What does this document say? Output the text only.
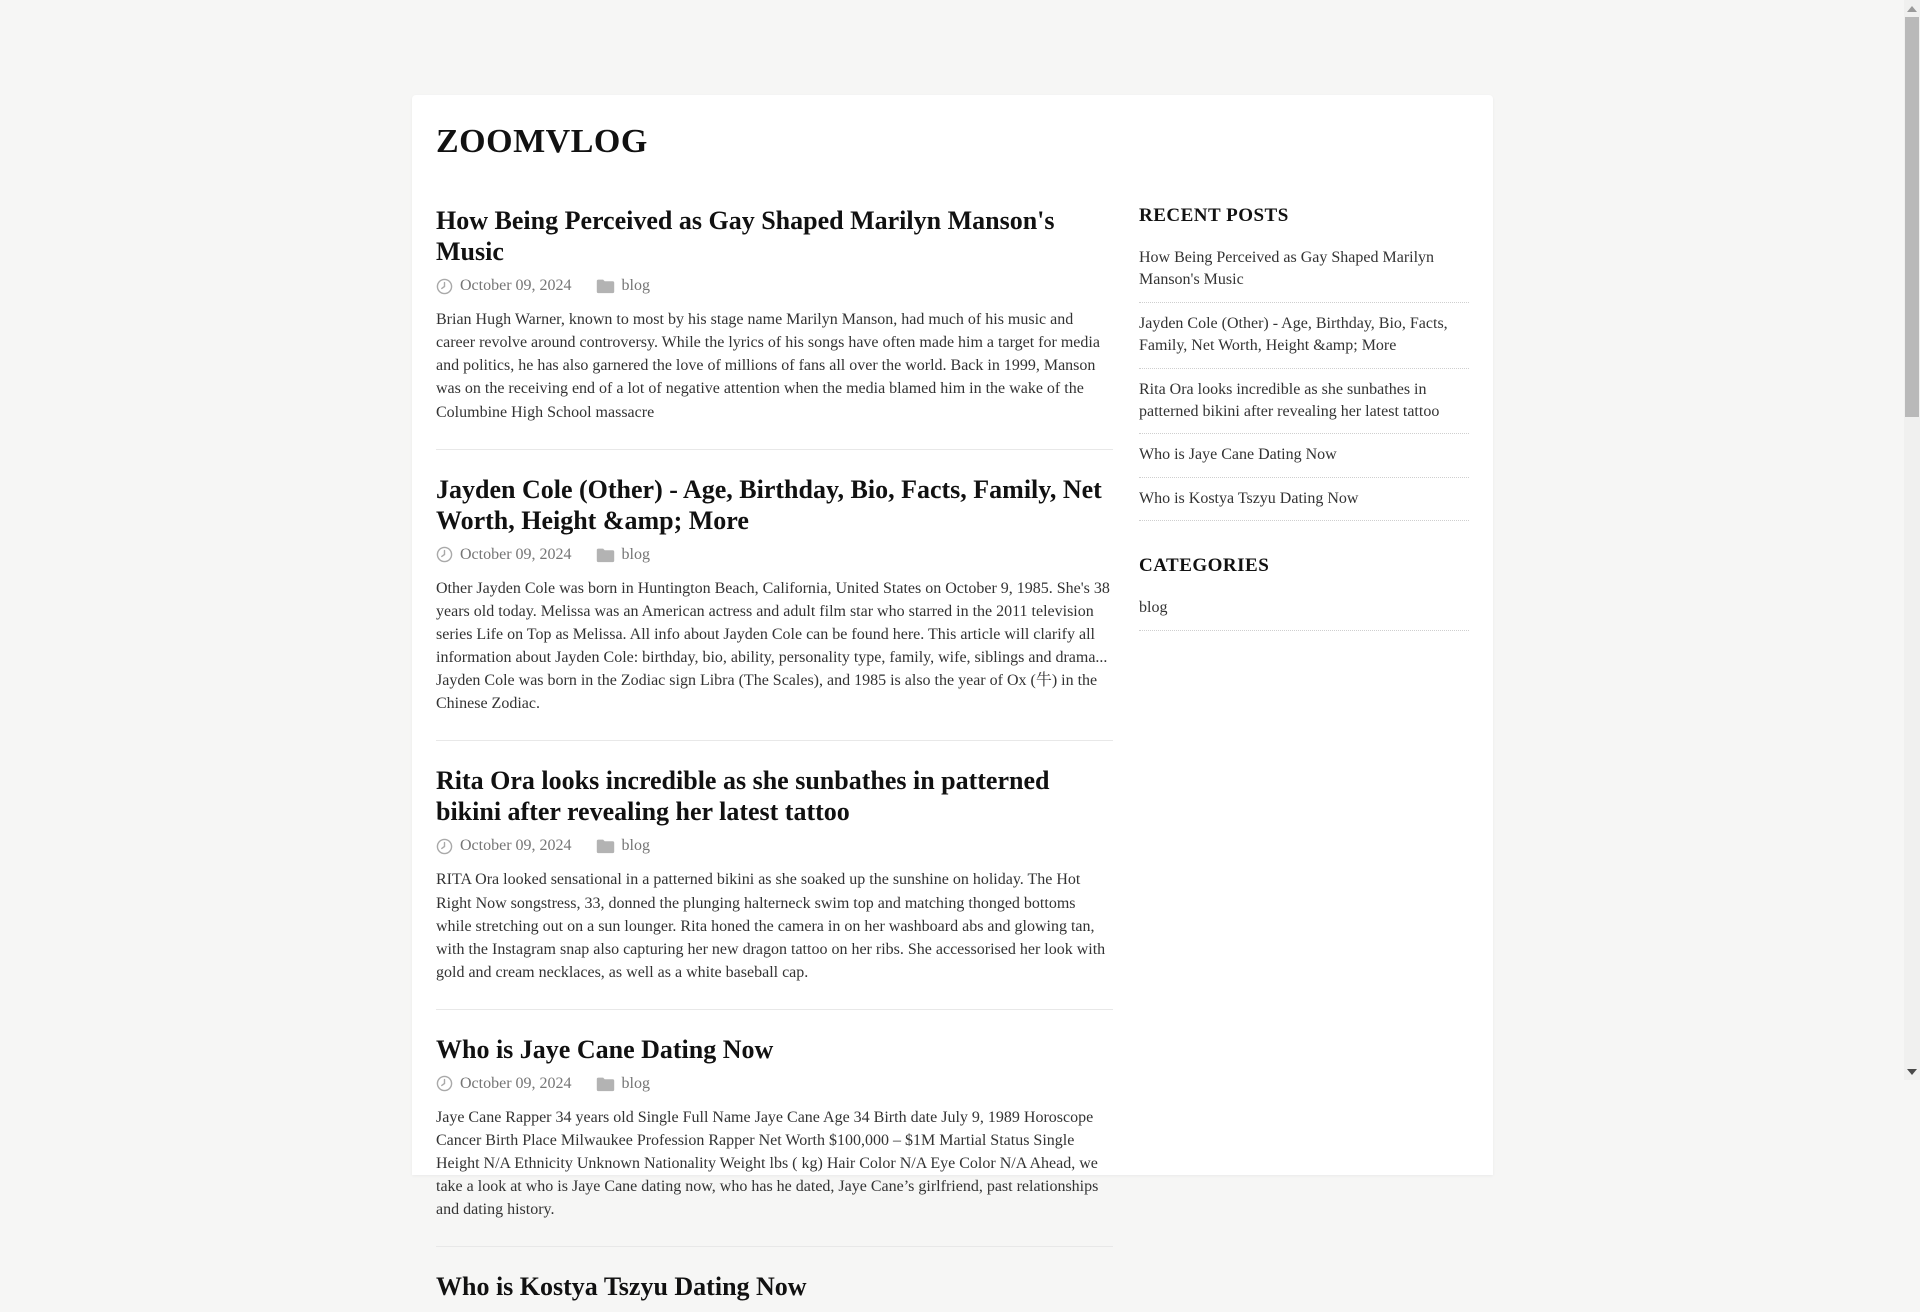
ZOOMVLOG
How Being Perceived as Gay Shaped Marilyn Manson's Music
October 09, 2024	blog

Brian Hugh Warner, known to most by his stage name Marilyn Manson, had much of his music and career revolve around controversy. While the lyrics of his songs have often made him a target for media and politics, he has also garnered the love of millions of fans all over the world. Back in 1999, Manson was on the receiving end of a lot of negative attention when the media blamed him in the wake of the Columbine High School massacre

Jayden Cole (Other) - Age, Birthday, Bio, Facts, Family, Net Worth, Height &amp; More
October 09, 2024	blog

Other Jayden Cole was born in Huntington Beach, California, United States on October 9, 1985. She's 38 years old today. Melissa was an American actress and adult film star who starred in the 2011 television series Life on Top as Melissa. All info about Jayden Cole can be found here. This article will clarify all information about Jayden Cole: birthday, bio, ability, personality type, family, wife, siblings and drama... Jayden Cole was born in the Zodiac sign Libra (The Scales), and 1985 is also the year of Ox (牛) in the Chinese Zodiac.

Rita Ora looks incredible as she sunbathes in patterned bikini after revealing her latest tattoo
October 09, 2024	blog

RITA Ora looked sensational in a patterned bikini as she soaked up the sunshine on holiday. The Hot Right Now songstress, 33, donned the plunging halterneck swim top and matching thonged bottoms while stretching out on a sun lounger. Rita honed the camera in on her washboard abs and glowing tan, with the Instagram snap also capturing her new dragon tattoo on her ribs. She accessorised her look with gold and cream necklaces, as well as a white baseball cap.

Who is Jaye Cane Dating Now
October 09, 2024	blog

Jaye Cane Rapper 34 years old Single Full Name Jaye Cane Age 34 Birth date July 9, 1989 Horoscope Cancer Birth Place Milwaukee Profession Rapper Net Worth $100,000 – $1M Martial Status Single Height N/A Ethnicity Unknown Nationality Weight lbs ( kg) Hair Color N/A Eye Color N/A Ahead, we take a look at who is Jaye Cane dating now, who has he dated, Jaye Cane’s girlfriend, past relationships and dating history.

Who is Kostya Tszyu Dating Now
RECENT POSTS
How Being Perceived as Gay Shaped Marilyn Manson's Music
Jayden Cole (Other) - Age, Birthday, Bio, Facts, Family, Net Worth, Height &amp; More
Rita Ora looks incredible as she sunbathes in patterned bikini after revealing her latest tattoo
Who is Jaye Cane Dating Now
Who is Kostya Tszyu Dating Now
CATEGORIES
blog
